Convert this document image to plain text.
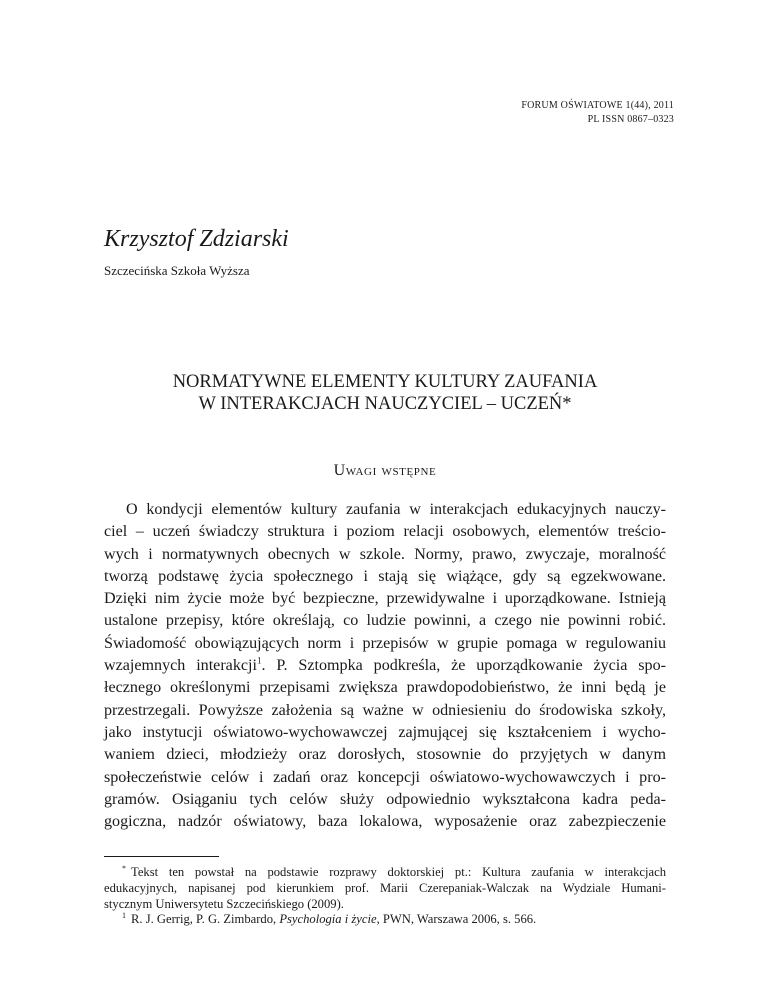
FORUM OŚWIATOWE 1(44), 2011
PL ISSN 0867–0323
Krzysztof Zdziarski
Szczecińska Szkoła Wyższa
NORMATYWNE ELEMENTY KULTURY ZAUFANIA
W INTERAKCJACH NAUCZYCIEL – UCZEŃ*
Uwagi wstępne
O kondycji elementów kultury zaufania w interakcjach edukacyjnych nauczy-
ciel – uczeń świadczy struktura i poziom relacji osobowych, elementów treścio-
wych i normatywnych obecnych w szkole. Normy, prawo, zwyczaje, moralność
tworzą podstawę życia społecznego i stają się wiążące, gdy są egzekwowane.
Dzięki nim życie może być bezpieczne, przewidywalne i uporządkowane. Istnieją
ustalone przepisy, które określają, co ludzie powinni, a czego nie powinni robić.
Świadomość obowiązujących norm i przepisów w grupie pomaga w regulowaniu
wzajemnych interakcji$^1$. P. Sztompka podkreśla, że uporządkowanie życia spo-
łecznego określonymi przepisami zwiększa prawdopodobieństwo, że inni będą je
przestrzegali. Powyższe założenia są ważne w odniesieniu do środowiska szkoły,
jako instytucji oświatowo-wychowawczej zajmującej się kształceniem i wycho-
waniem dzieci, młodzieży oraz dorosłych, stosownie do przyjętych w danym
społeczeństwie celów i zadań oraz koncepcji oświatowo-wychowawczych i pro-
gramów. Osiąganiu tych celów służy odpowiednio wykształcona kadra peda-
gogiczna, nadzór oświatowy, baza lokalowa, wyposażenie oraz zabezpieczenie
* Tekst ten powstał na podstawie rozprawy doktorskiej pt.: Kultura zaufania w interakcjach
edukacyjnych, napisanej pod kierunkiem prof. Marii Czerepaniak-Walczak na Wydziale Humani-
stycznym Uniwersytetu Szczecińskiego (2009).
$^1$ R. J. Gerrig, P. G. Zimbardo, Psychologia i życie, PWN, Warszawa 2006, s. 566.
